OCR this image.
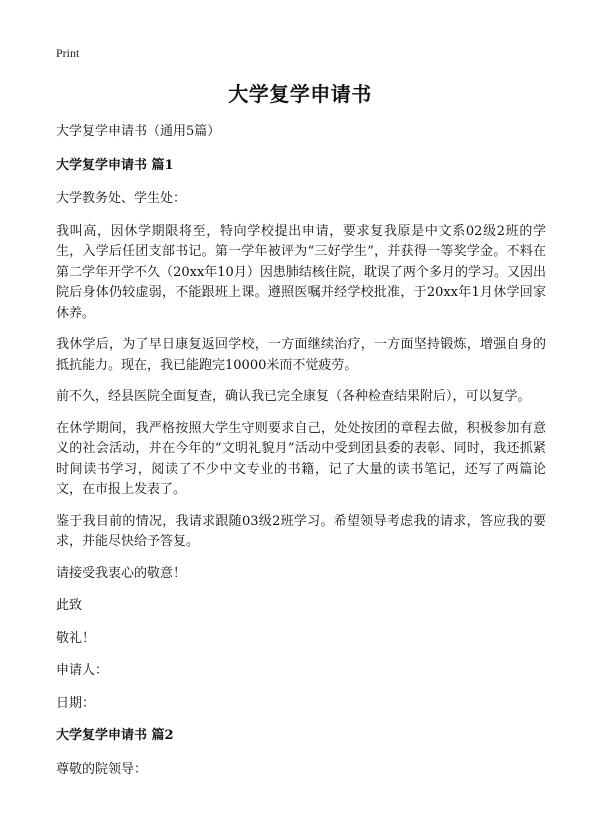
Print
大学复学申请书

大学复学申请书（通用5篇）

大学复学申请书 篇1

大学教务处、学生处：

我叫高，因休学期限将至，特向学校提出申请，要求复我原是中文系02级2班的学生，入学后任团支部书记。第一学年被评为“三好学生”，并获得一等奖学金。不料在第二学年开学不久（20xx年10月）因患肺结核住院，耽误了两个多月的学习。又因出院后身体仍较虚弱，不能跟班上课。遵照医嘱并经学校批准，于20xx年1月休学回家休养。

我休学后，为了早日康复返回学校，一方面继续治疗，一方面坚持锻炼，增强自身的抵抗能力。现在，我已能跑完10000米而不觉疲劳。

前不久，经县医院全面复查，确认我已完全康复（各种检查结果附后），可以复学。

在休学期间，我严格按照大学生守则要求自己，处处按团的章程去做，积极参加有意义的社会活动，并在今年的“文明礼貌月”活动中受到团县委的表彰、同时，我还抓紧时间读书学习，阅读了不少中文专业的书籍，记了大量的读书笔记，还写了两篇论文，在市报上发表了。

鉴于我目前的情况，我请求跟随03级2班学习。希望领导考虑我的请求，答应我的要求，并能尽快给予答复。

请接受我衷心的敬意！

此致

敬礼！

申请人：

日期：

大学复学申请书 篇2

尊敬的院领导：
